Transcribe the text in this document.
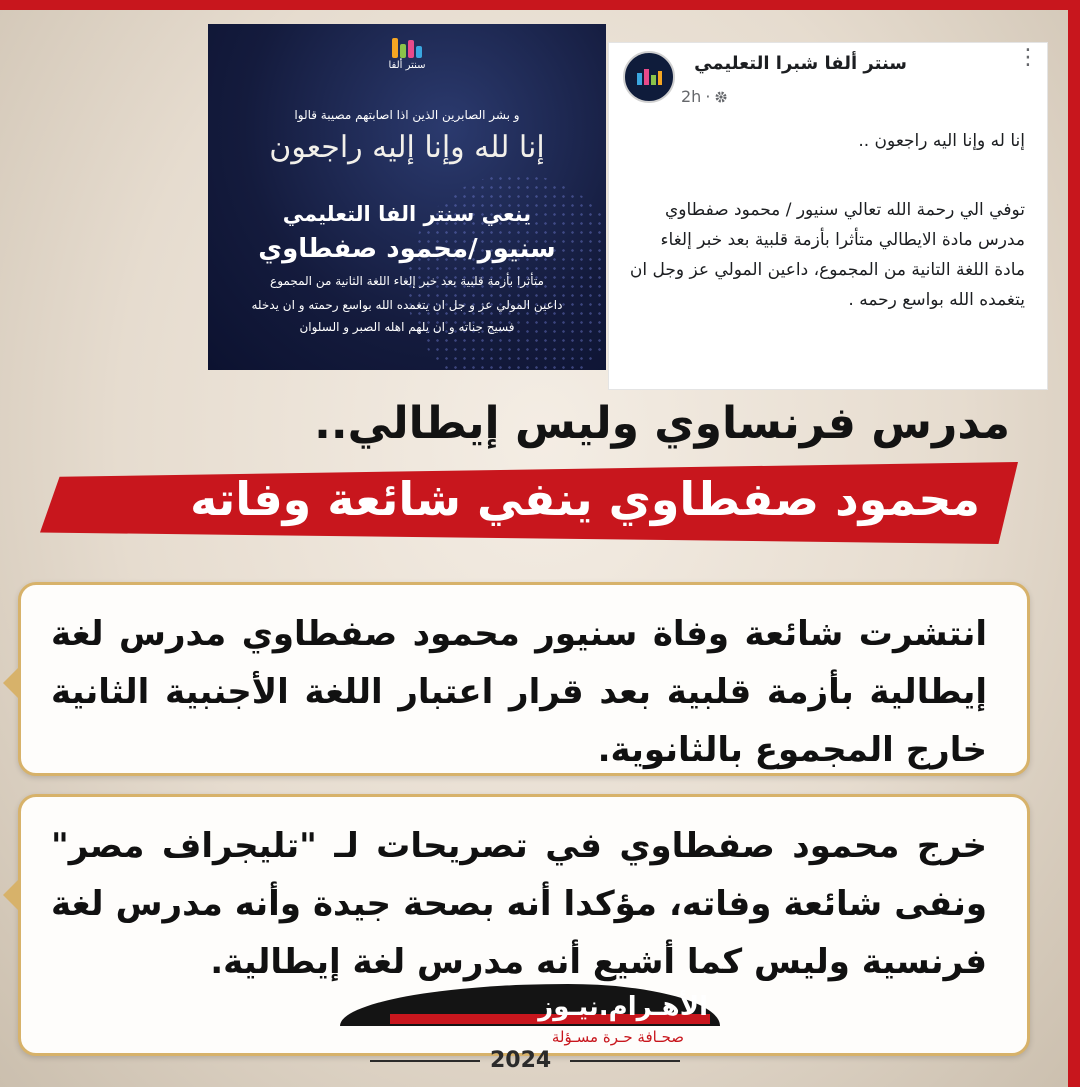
سنتر ألفا
و بشر الصابرين الذين اذا اصابتهم مصيبة قالوا
إنا لله وإنا إليه راجعون
ينعي سنتر الفا التعليمي
سنيور/محمود صفطاوي
متأثرا بأزمة قلبية بعد خبر إلغاء اللغة الثانية من المجموع
داعين المولي عز و جل ان يتغمده الله بواسع رحمته و ان يدخله
فسيح جناته و ان يلهم اهله الصبر و السلوان
⋮
سنتر ألفا شبرا التعليمي
2h ·
إنا له وإنا اليه راجعون ..
توفي الي رحمة الله تعالي سنيور / محمود صفطاوي مدرس مادة الايطالي متأثرا بأزمة قلبية بعد خبر إلغاء مادة اللغة التانية من المجموع، داعين المولي عز وجل ان يتغمده الله بواسع رحمه .
مدرس فرنساوي وليس إيطالي..
محمود صفطاوي ينفي شائعة وفاته

انتشرت شائعة وفاة سنيور محمود صفطاوي مدرس لغة إيطالية بأزمة قلبية بعد قرار اعتبار اللغة الأجنبية الثانية خارج المجموع بالثانوية.

خرج محمود صفطاوي في تصريحات لـ "تليجراف مصر" ونفى شائعة وفاته، مؤكدا أنه بصحة جيدة وأنه مدرس لغة فرنسية وليس كما أشيع أنه مدرس لغة إيطالية.

الأهـرام.نيـوز
صحـافة حـرة مسـؤلة
2024
